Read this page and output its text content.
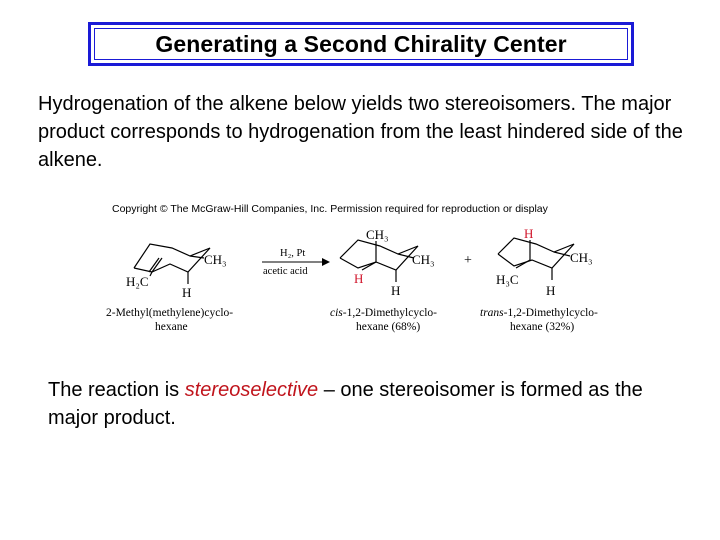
Generating a Second Chirality Center

Hydrogenation of the alkene below yields two stereoisomers. The major product corresponds to hydrogenation from the least hindered side of the alkene.

Copyright © The McGraw-Hill Companies, Inc. Permission required for reproduction or display
CH₃
H₂C
H
2-Methyl(methylene)cyclo-
hexane
H₂, Pt
acetic acid
CH₃
CH₃
H
H
cis-1,2-Dimethylcyclo-
hexane (68%)
+
H
CH₃
H₃C
H
trans-1,2-Dimethylcyclo-
hexane (32%)

The reaction is stereoselective – one stereoisomer is formed as the major product.
